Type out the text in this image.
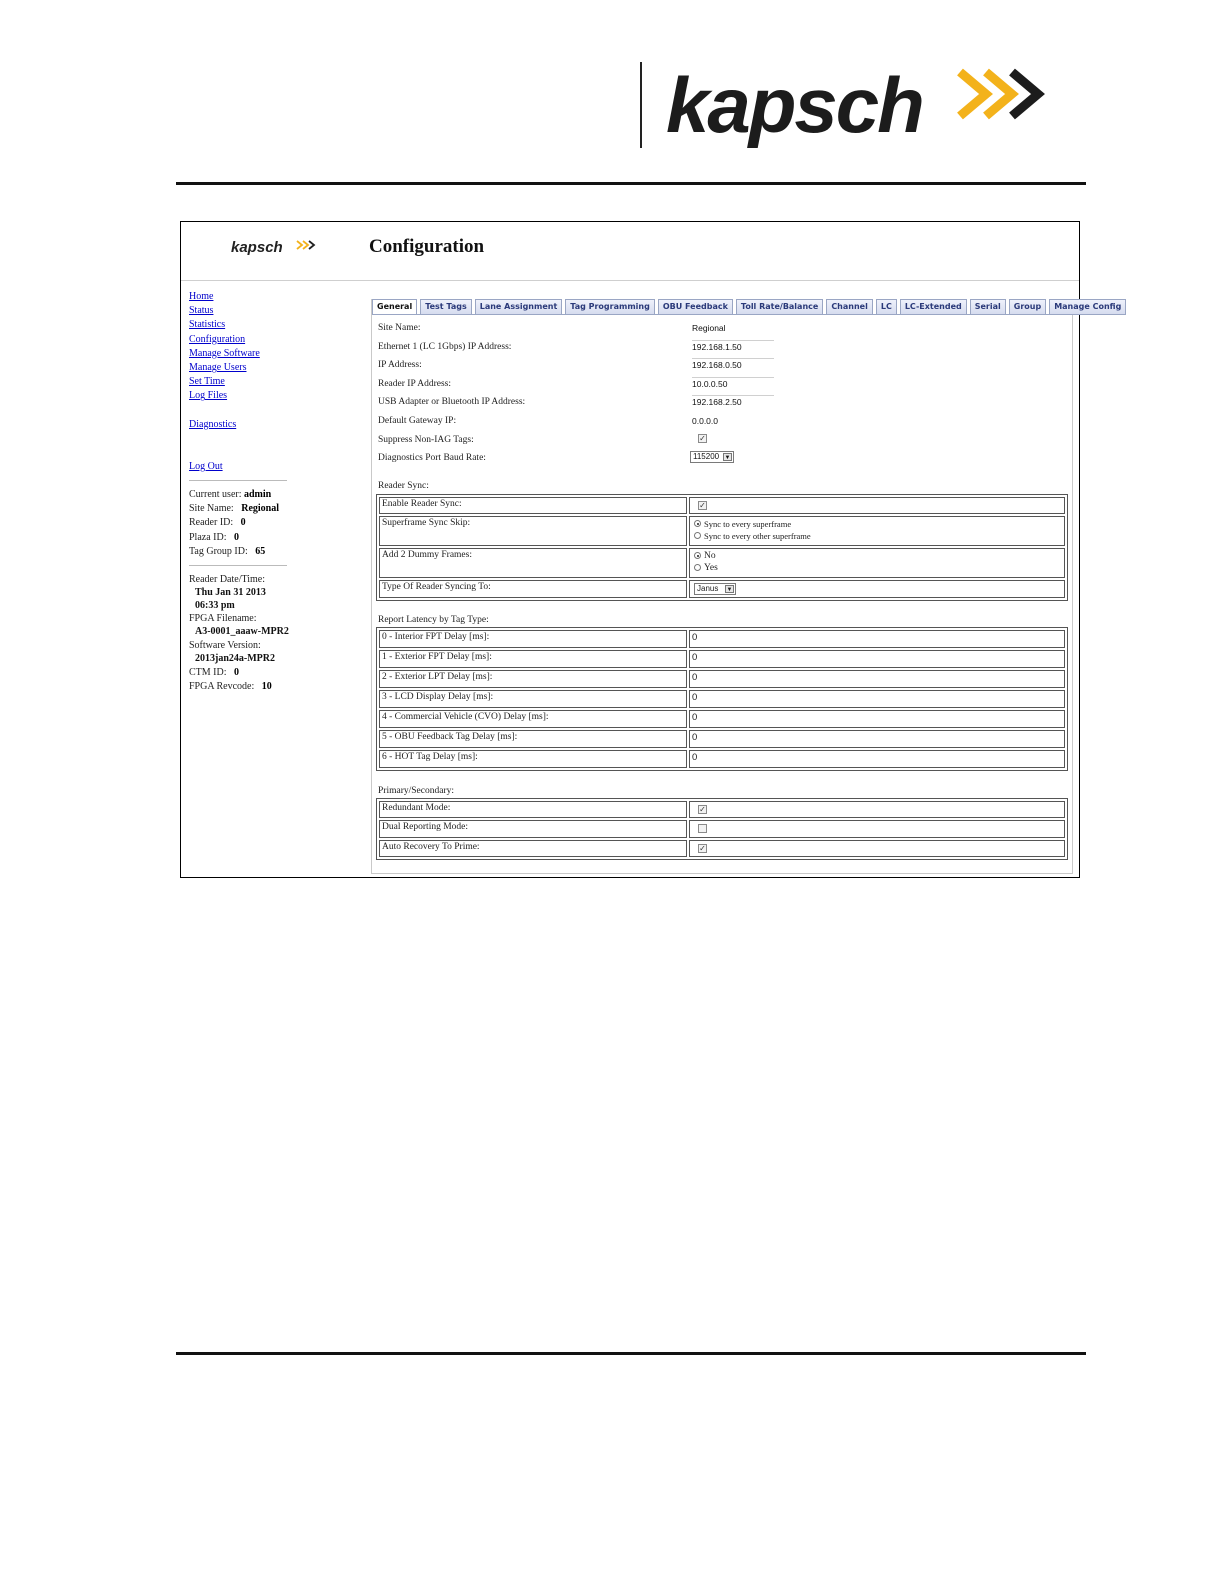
kapsch
kapsch	Configuration
Home
Status
Statistics
Configuration
Manage Software
Manage Users
Set Time
Log Files
Diagnostics
Log Out
Current user: admin
Site Name: Regional
Reader ID: 0
Plaza ID: 0
Tag Group ID: 65
Reader Date/Time:
Thu Jan 31 2013
06:33 pm
FPGA Filename:
A3-0001_aaaw-MPR2
Software Version:
2013jan24a-MPR2
CTM ID: 0
FPGA Revcode: 10
General	Test Tags	Lane Assignment	Tag Programming	OBU Feedback	Toll Rate/Balance	Channel	LC	LC-Extended	Serial	Group	Manage Config
Site Name:	Regional
Ethernet 1 (LC 1Gbps) IP Address:	192.168.1.50
IP Address:	192.168.0.50
Reader IP Address:	10.0.0.50
USB Adapter or Bluetooth IP Address:	192.168.2.50
Default Gateway IP:	0.0.0.0
Suppress Non-IAG Tags:	✓
Diagnostics Port Baud Rate:	115200 ▼
Reader Sync:
Enable Reader Sync:	✓
Superframe Sync Skip:	Sync to every superframe
Sync to every other superframe

Add 2 Dummy Frames:	No
Yes

Type Of Reader Syncing To:	Janus ▼
Report Latency by Tag Type:
0 - Interior FPT Delay [ms]:	0
1 - Exterior FPT Delay [ms]:	0
2 - Exterior LPT Delay [ms]:	0
3 - LCD Display Delay [ms]:	0
4 - Commercial Vehicle (CVO) Delay [ms]:	0
5 - OBU Feedback Tag Delay [ms]:	0
6 - HOT Tag Delay [ms]:	0
Primary/Secondary:
Redundant Mode:	✓
Dual Reporting Mode:	
Auto Recovery To Prime:	✓
